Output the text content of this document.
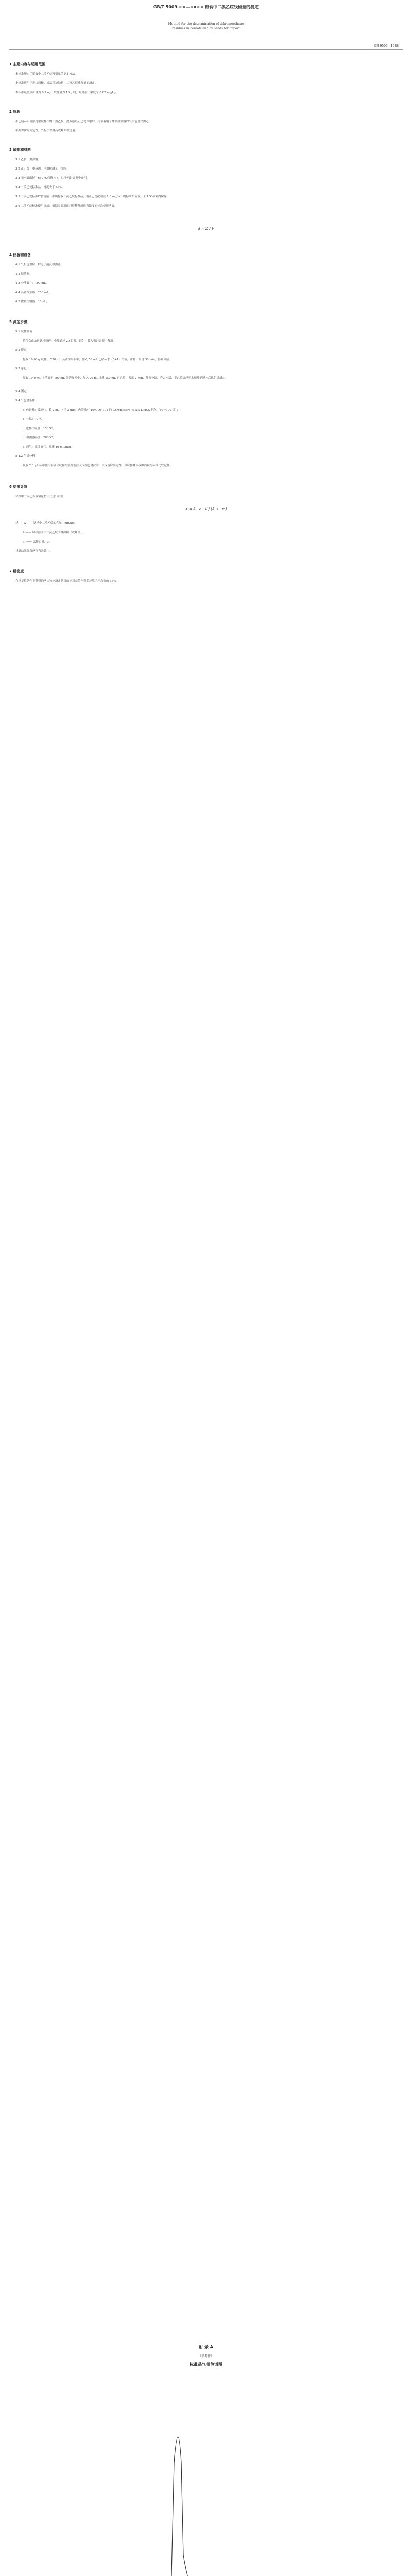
GB/T 5009.××—×××× 粮食中二溴乙烷残留量的测定
Method for the determination of dibromoethane
residues in cereals and oil seeds for import
GB 9506—1988
1 主题内容与适用范围
本标准规定了粮食中二溴乙烷残留量的测定方法。
本标准适用于进口原粮、成品粮及油料中二溴乙烷残留量的测定。
本标准最低检出量为 0.2 ng，取样量为 10 g 时，最低检出浓度为 0.02 mg/kg。
2 原理
用乙腈—水溶液提取试样中的二溴乙烷，提取液经正己烷萃取后，用带有电子捕获检测器的气相色谱仪测定。
根据保留时间定性，外标法以峰高或峰面积定量。
3 试剂和材料
3.1 乙腈：重蒸馏。
3.2 正己烷：重蒸馏，色谱检测无干扰峰。
3.3 无水硫酸钠：650 ℃灼烧 4 h，贮于密封容器中备用。
3.4 二溴乙烷标准品：纯度大于 99%。
3.5 二溴乙烷标准贮备溶液：准确称取二溴乙烷标准品，用正己烷配制成 1.0 mg/mL 的标准贮备液，于 4 ℃冰箱内保存。
3.6 二溴乙烷标准使用溶液：根据需要用正己烷稀释成适当浓度的标准使用溶液。
d = Z / V
4 仪器和设备
4.1 气相色谱仪：附电子捕获检测器。
4.2 振荡器。
4.3 分液漏斗：100 mL。
4.4 具塞锥形瓶：250 mL。
4.5 微量注射器：10 μL。
5 测定步骤
5.1 试样制备
将粮食或油料试样粉碎，全部通过 20 目筛，混匀，装入密封容器中备用。
5.2 提取
称取 10.00 g 试样于 250 mL 具塞锥形瓶中，加入 50 mL 乙腈—水（5+1）溶液，密塞，振荡 30 min，静置分层。
5.3 净化
吸取 10.0 mL 上清液于 100 mL 分液漏斗中，加入 20 mL 水和 5.0 mL 正己烷，振荡 2 min，静置分层，弃去水层，正己烷层经无水硫酸钠脱水后供色谱测定。
5.4 测定
5.4.1 色谱条件
a. 色谱柱：玻璃柱，长 2 m，内径 3 mm，内装涂有 10% OV-101 的 Chromosorb W AW DMCS 担体（80～100 目）；
b. 柱温：70 ℃；
c. 进样口温度：150 ℃；
d. 检测器温度：200 ℃；
e. 载气：高纯氮气，流速 40 mL/min。
5.4.2 色谱分析
吸取 2.0 μL 标准使用溶液和试样溶液分别注入气相色谱仪中，以保留时间定性，以试样峰高或峰面积与标准比较定量。
6 结果计算
试样中二溴乙烷残留量按下式进行计算：
X = A · c · V / (A_s · m)
式中：X —— 试样中二溴乙烷的含量，mg/kg；
A —— 试样溶液中二溴乙烷的峰面积（或峰高）；
m —— 试样质量，g。
计算结果保留两位有效数字。
7 精密度
在重复性条件下获得的两次独立测定结果的绝对差值不得超过算术平均值的 15%。
附 录 A
（参考件）
标准品气相色谱图
